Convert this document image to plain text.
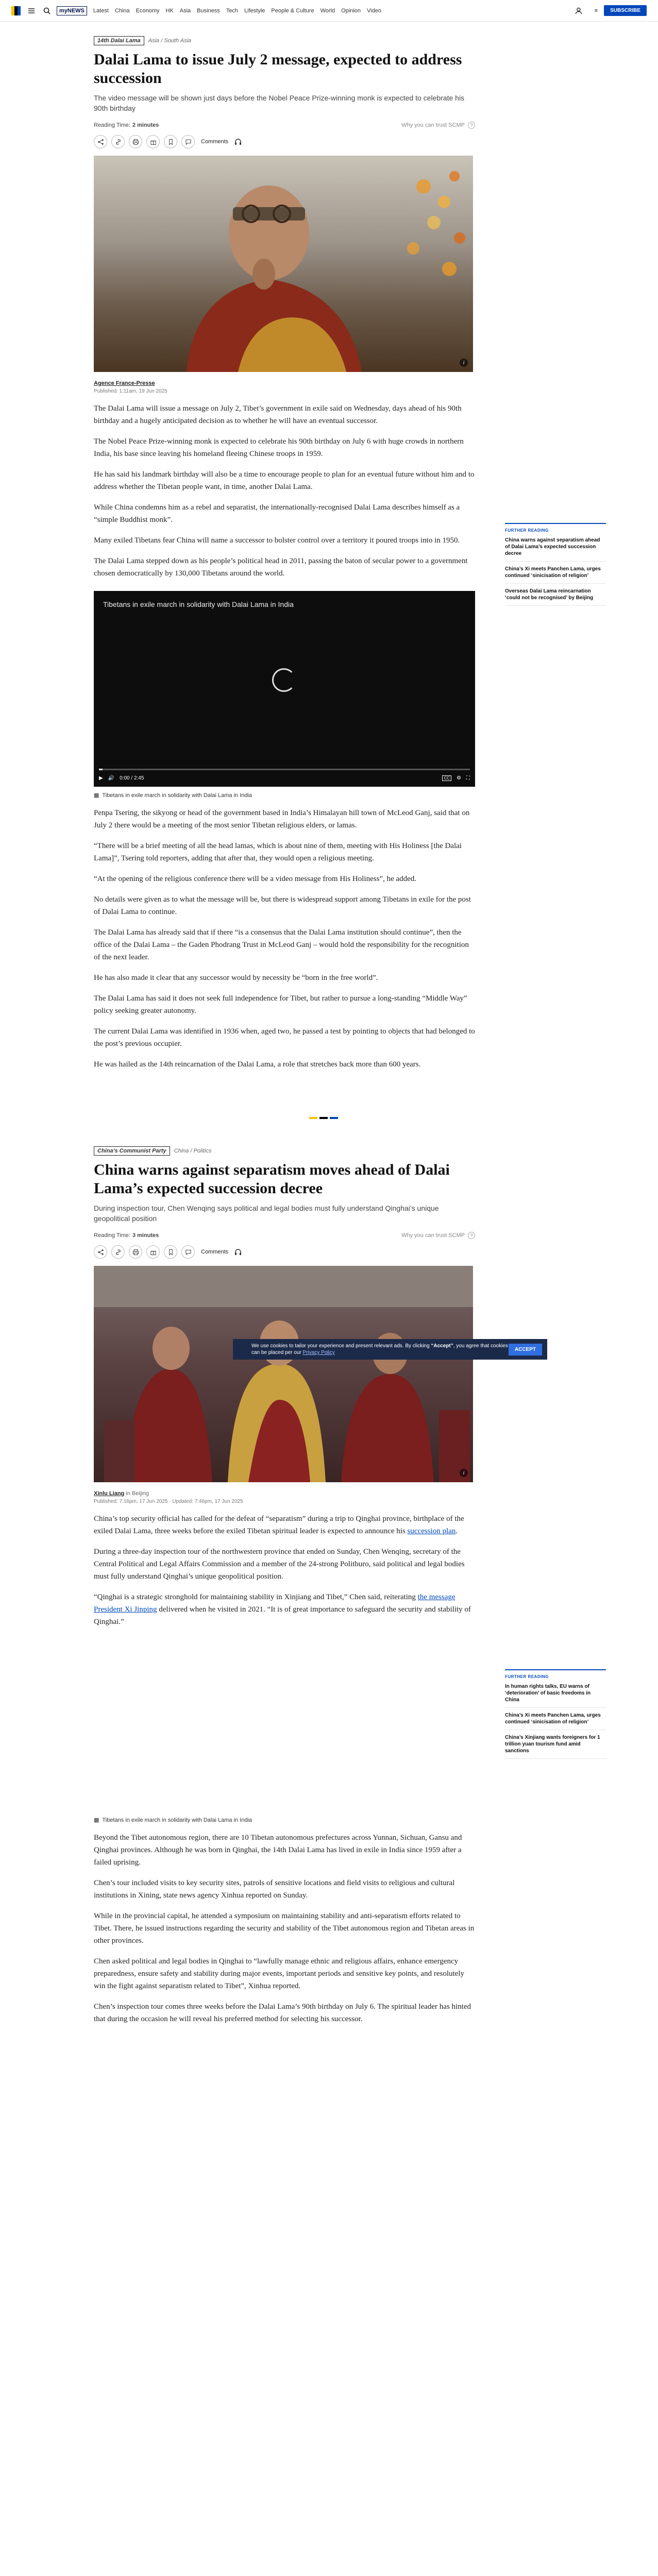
myNEWS	Latest China Economy HK Asia Business Tech Lifestyle People & Culture World Opinion Video	≡	SUBSCRIBE
14th Dalai Lama	Asia / South Asia
Dalai Lama to issue July 2 message, expected to address succession

The video message will be shown just days before the Nobel Peace Prize-winning monk is expected to celebrate his 90th birthday

Reading Time: 2 minutes	Why you can trust SCMP	?
Comments
i
Agence France-Presse
Published: 1:11am, 19 Jun 2025

The Dalai Lama will issue a message on July 2, Tibet’s government in exile said on Wednesday, days ahead of his 90th birthday and a hugely anticipated decision as to whether he will have an eventual successor.

The Nobel Peace Prize-winning monk is expected to celebrate his 90th birthday on July 6 with huge crowds in northern India, his base since leaving his homeland fleeing Chinese troops in 1959.

He has said his landmark birthday will also be a time to encourage people to plan for an eventual future without him and to address whether the Tibetan people want, in time, another Dalai Lama.

While China condemns him as a rebel and separatist, the internationally-recognised Dalai Lama describes himself as a “simple Buddhist monk”.

Many exiled Tibetans fear China will name a successor to bolster control over a territory it poured troops into in 1950.

The Dalai Lama stepped down as his people’s political head in 2011, passing the baton of secular power to a government chosen democratically by 130,000 Tibetans around the world.

Tibetans in exile march in solidarity with Dalai Lama in India
▶ 🔊 0:00 / 2:45	CC	⚙ ⛶
▩ Tibetans in exile march in solidarity with Dalai Lama in India

Penpa Tsering, the sikyong or head of the government based in India’s Himalayan hill town of McLeod Ganj, said that on July 2 there would be a meeting of the most senior Tibetan religious elders, or lamas.

“There will be a brief meeting of all the head lamas, which is about nine of them, meeting with His Holiness [the Dalai Lama]”, Tsering told reporters, adding that after that, they would open a religious meeting.

“At the opening of the religious conference there will be a video message from His Holiness”, he added.

No details were given as to what the message will be, but there is widespread support among Tibetans in exile for the post of Dalai Lama to continue.

The Dalai Lama has already said that if there “is a consensus that the Dalai Lama institution should continue”, then the office of the Dalai Lama – the Gaden Phodrang Trust in McLeod Ganj – would hold the responsibility for the recognition of the next leader.

He has also made it clear that any successor would by necessity be “born in the free world”.

The Dalai Lama has said it does not seek full independence for Tibet, but rather to pursue a long-standing “Middle Way” policy seeking greater autonomy.

The current Dalai Lama was identified in 1936 when, aged two, he passed a test by pointing to objects that had belonged to the post’s previous occupier.

He was hailed as the 14th reincarnation of the Dalai Lama, a role that stretches back more than 600 years.

FURTHER READING
China warns against separatism ahead of Dalai Lama’s expected succession decree
China’s Xi meets Panchen Lama, urges continued ‘sinicisation of religion’
Overseas Dalai Lama reincarnation ‘could not be recognised’ by Beijing
China’s Communist Party	China / Politics
China warns against separatism moves ahead of Dalai Lama’s expected succession decree

During inspection tour, Chen Wenqing says political and legal bodies must fully understand Qinghai’s unique geopolitical position

Reading Time: 3 minutes	Why you can trust SCMP	?
Comments
We use cookies to tailor your experience and present relevant ads. By clicking “Accept”, you agree that cookies can be placed per our Privacy Policy
ACCEPT
i
Xinlu Liang in Beijing
Published: 7:16pm, 17 Jun 2025 · Updated: 7:46pm, 17 Jun 2025

China’s top security official has called for the defeat of “separatism” during a trip to Qinghai province, birthplace of the exiled Dalai Lama, three weeks before the exiled Tibetan spiritual leader is expected to announce his succession plan.

During a three-day inspection tour of the northwestern province that ended on Sunday, Chen Wenqing, secretary of the Central Political and Legal Affairs Commission and a member of the 24-strong Politburo, said political and legal bodies must fully understand Qinghai’s unique geopolitical position.

“Qinghai is a strategic stronghold for maintaining stability in Xinjiang and Tibet,” Chen said, reiterating the message President Xi Jinping delivered when he visited in 2021. “It is of great importance to safeguard the security and stability of Qinghai.”

▩ Tibetans in exile march in solidarity with Dalai Lama in India

Beyond the Tibet autonomous region, there are 10 Tibetan autonomous prefectures across Yunnan, Sichuan, Gansu and Qinghai provinces. Although he was born in Qinghai, the 14th Dalai Lama has lived in exile in India since 1959 after a failed uprising.

Chen’s tour included visits to key security sites, patrols of sensitive locations and field visits to religious and cultural institutions in Xining, state news agency Xinhua reported on Sunday.

While in the provincial capital, he attended a symposium on maintaining stability and anti-separatism efforts related to Tibet. There, he issued instructions regarding the security and stability of the Tibet autonomous region and Tibetan areas in other provinces.

Chen asked political and legal bodies in Qinghai to “lawfully manage ethnic and religious affairs, enhance emergency preparedness, ensure safety and stability during major events, important periods and sensitive key points, and resolutely win the fight against separatism related to Tibet”, Xinhua reported.

Chen’s inspection tour comes three weeks before the Dalai Lama’s 90th birthday on July 6. The spiritual leader has hinted that during the occasion he will reveal his preferred method for selecting his successor.

FURTHER READING
In human rights talks, EU warns of ‘deterioration’ of basic freedoms in China
China’s Xi meets Panchen Lama, urges continued ‘sinicisation of religion’
China’s Xinjiang wants foreigners for 1 trillion yuan tourism fund amid sanctions
